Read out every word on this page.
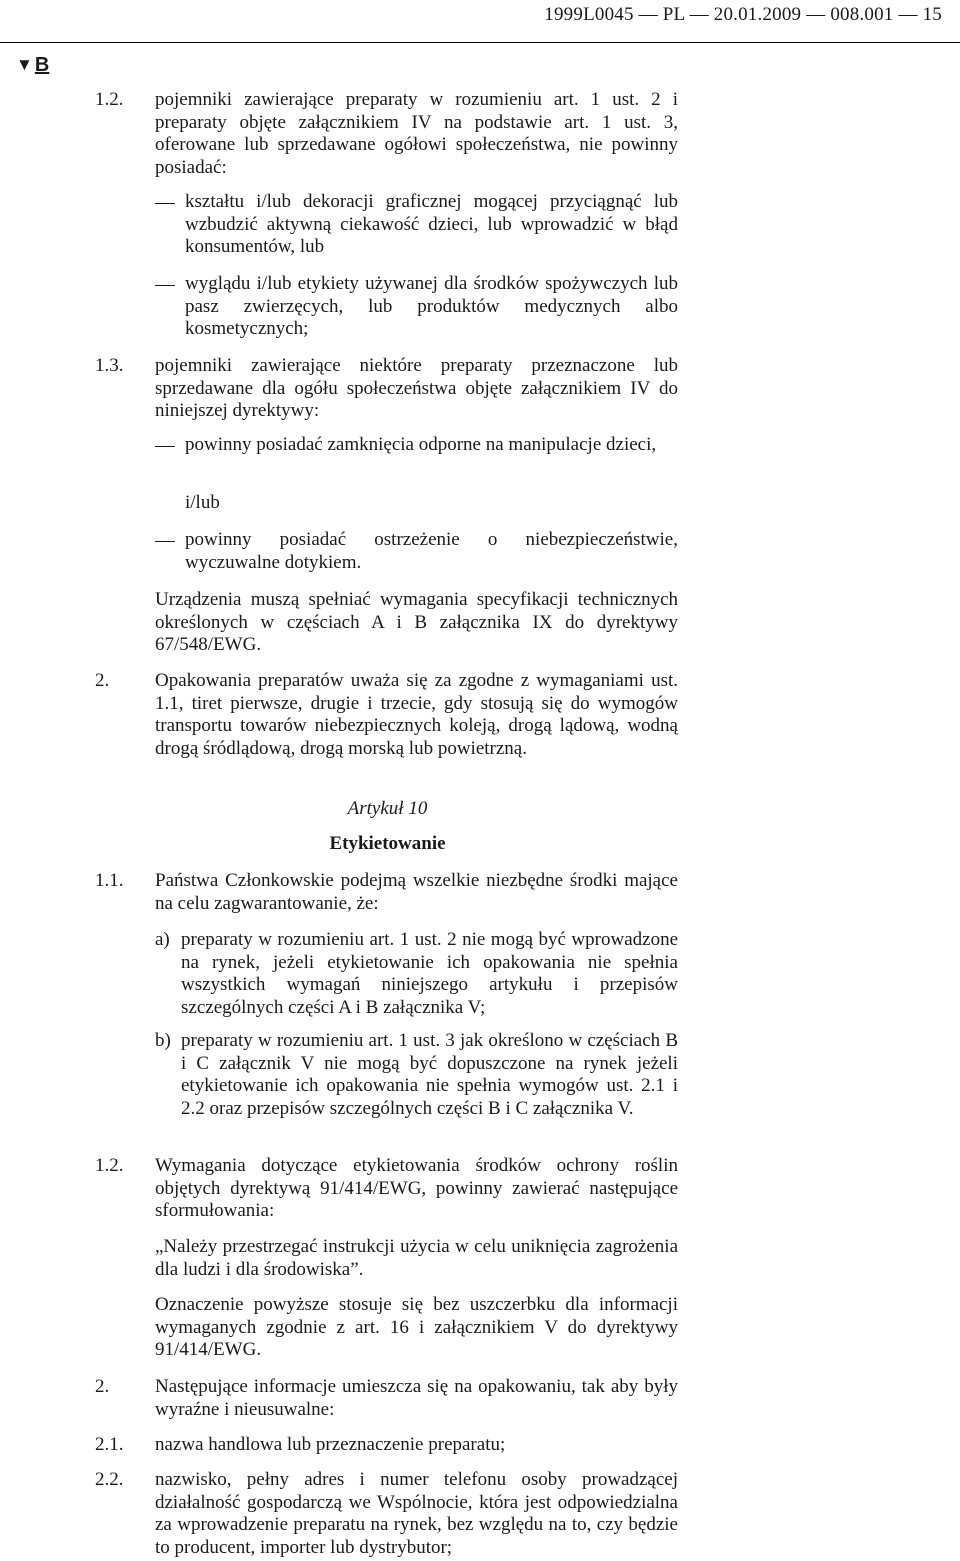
1999L0045 — PL — 20.01.2009 — 008.001 — 15
▼ B
1.2. pojemniki zawierające preparaty w rozumieniu art. 1 ust. 2 i preparaty objęte załącznikiem IV na podstawie art. 1 ust. 3, oferowane lub sprzedawane ogółowi społeczeństwa, nie powinny posiadać:
kształtu i/lub dekoracji graficznej mogącej przyciągnąć lub wzbudzić aktywną ciekawość dzieci, lub wprowadzić w błąd konsumentów, lub
wyglądu i/lub etykiety używanej dla środków spożywczych lub pasz zwierzęcych, lub produktów medycznych albo kosmetycznych;
1.3. pojemniki zawierające niektóre preparaty przeznaczone lub sprzedawane dla ogółu społeczeństwa objęte załącznikiem IV do niniejszej dyrektywy:
powinny posiadać zamknięcia odporne na manipulacje dzieci,
i/lub
powinny posiadać ostrzeżenie o niebezpieczeństwie, wyczuwalne dotykiem.
Urządzenia muszą spełniać wymagania specyfikacji technicznych określonych w częściach A i B załącznika IX do dyrektywy 67/548/EWG.
2. Opakowania preparatów uważa się za zgodne z wymaganiami ust. 1.1, tiret pierwsze, drugie i trzecie, gdy stosują się do wymogów transportu towarów niebezpiecznych koleją, drogą lądową, wodną drogą śródlądową, drogą morską lub powietrzną.
Artykuł 10
Etykietowanie
1.1. Państwa Członkowskie podejmą wszelkie niezbędne środki mające na celu zagwarantowanie, że:
a) preparaty w rozumieniu art. 1 ust. 2 nie mogą być wprowadzone na rynek, jeżeli etykietowanie ich opakowania nie spełnia wszystkich wymagań niniejszego artykułu i przepisów szczególnych części A i B załącznika V;
b) preparaty w rozumieniu art. 1 ust. 3 jak określono w częściach B i C załącznik V nie mogą być dopuszczone na rynek jeżeli etykietowanie ich opakowania nie spełnia wymogów ust. 2.1 i 2.2 oraz przepisów szczególnych części B i C załącznika V.
1.2. Wymagania dotyczące etykietowania środków ochrony roślin objętych dyrektywą 91/414/EWG, powinny zawierać następujące sformułowania:
„Należy przestrzegać instrukcji użycia w celu uniknięcia zagrożenia dla ludzi i dla środowiska”.
Oznaczenie powyższe stosuje się bez uszczerbku dla informacji wymaganych zgodnie z art. 16 i załącznikiem V do dyrektywy 91/414/EWG.
2. Następujące informacje umieszcza się na opakowaniu, tak aby były wyraźne i nieusuwalne:
2.1. nazwa handlowa lub przeznaczenie preparatu;
2.2. nazwisko, pełny adres i numer telefonu osoby prowadzącej działalność gospodarczą we Wspólnocie, która jest odpowiedzialna za wprowadzenie preparatu na rynek, bez względu na to, czy będzie to producent, importer lub dystrybutor;
